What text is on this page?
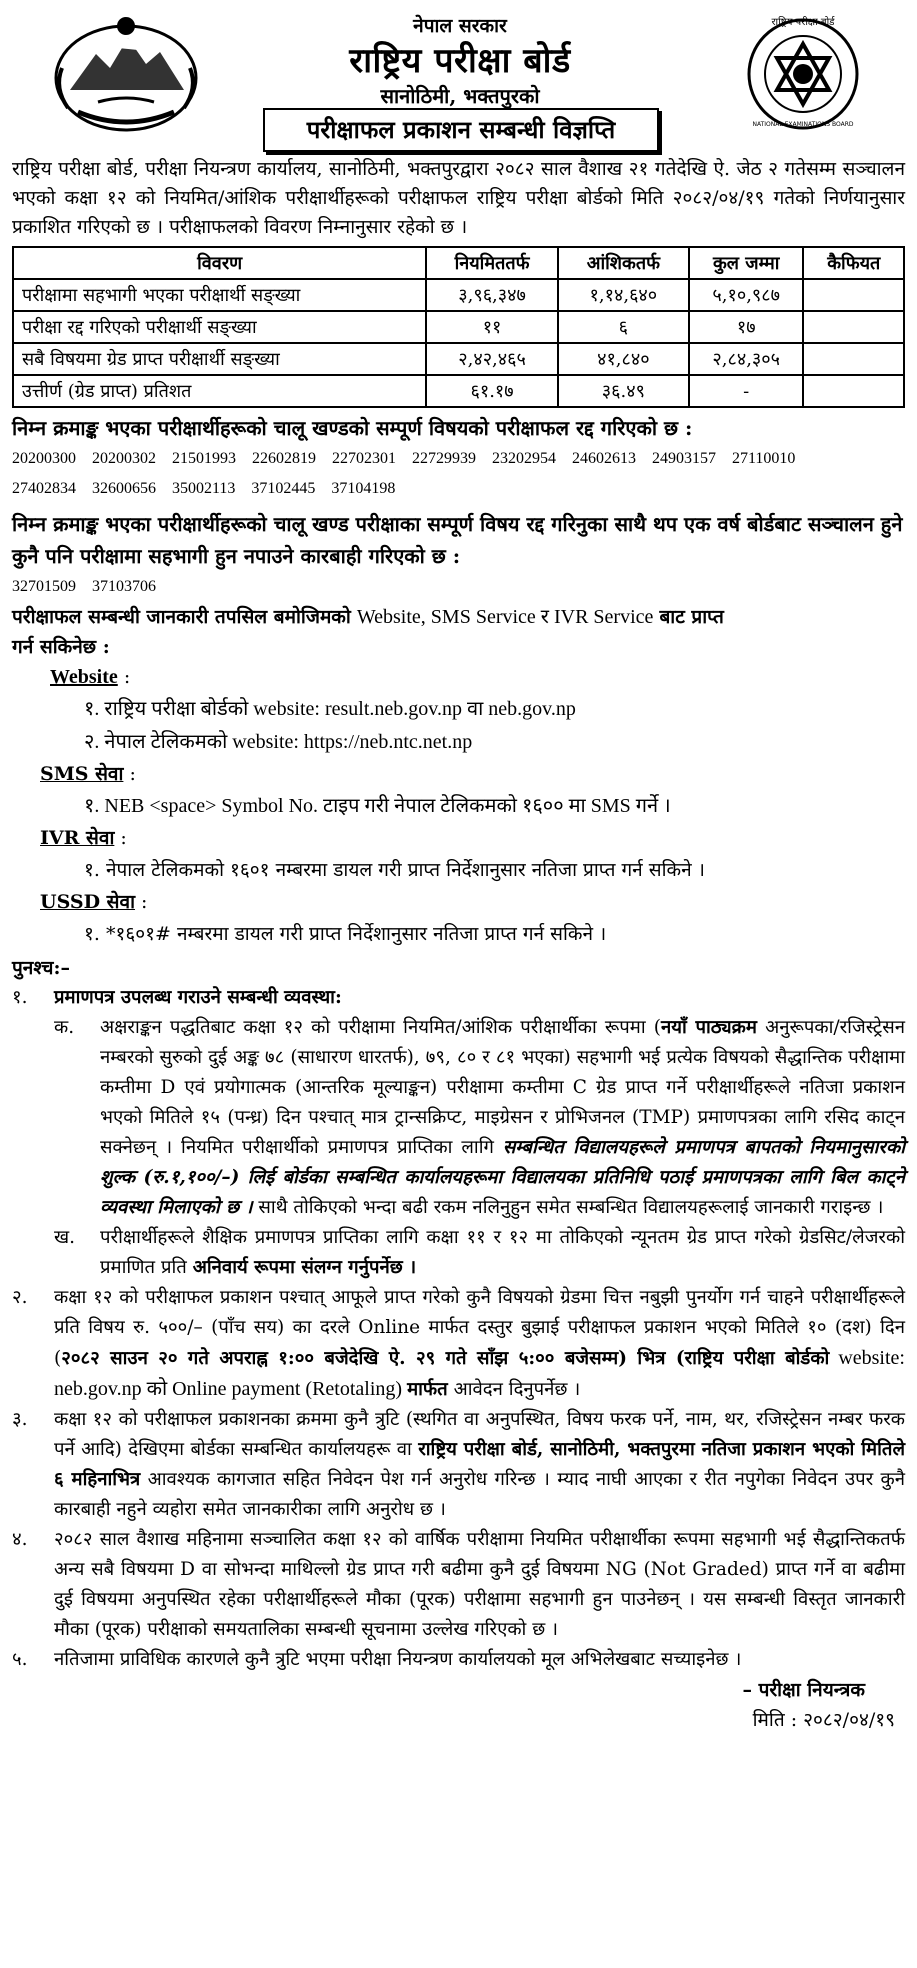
नेपाल सरकार
राष्ट्रिय परीक्षा बोर्ड
सानोठिमी, भक्तपुरको
परीक्षाफल प्रकाशन सम्बन्धी विज्ञप्ति
राष्ट्रिय परीक्षा बोर्ड
NATIONAL EXAMINATIONS BOARD

राष्ट्रिय परीक्षा बोर्ड, परीक्षा नियन्त्रण कार्यालय, सानोठिमी, भक्तपुरद्वारा २०८२ साल वैशाख २१ गतेदेखि ऐ. जेठ २ गतेसम्म सञ्चालन भएको कक्षा १२ को नियमित/आंशिक परीक्षार्थीहरूको परीक्षाफल राष्ट्रिय परीक्षा बोर्डको मिति २०८२/०४/१९ गतेको निर्णयानुसार प्रकाशित गरिएको छ । परीक्षाफलको विवरण निम्नानुसार रहेको छ ।

विवरण	नियमिततर्फ	आंशिकतर्फ	कुल जम्मा	कैफियत
परीक्षामा सहभागी भएका परीक्षार्थी सङ्ख्या	३,९६,३४७	१,१४,६४०	५,१०,९८७	
परीक्षा रद्द गरिएको परीक्षार्थी सङ्ख्या	११	६	१७	
सबै विषयमा ग्रेड प्राप्त परीक्षार्थी सङ्ख्या	२,४२,४६५	४१,८४०	२,८४,३०५	
उत्तीर्ण (ग्रेड प्राप्त) प्रतिशत	६१.१७	३६.४९	-	
निम्न क्रमाङ्क भएका परीक्षार्थीहरूको चालू खण्डको सम्पूर्ण विषयको परीक्षाफल रद्द गरिएको छ :
20200300 20200302 21501993 22602819 22702301 22729939 23202954 24602613 24903157 27110010
27402834 32600656 35002113 37102445 37104198
निम्न क्रमाङ्क भएका परीक्षार्थीहरूको चालू खण्ड परीक्षाका सम्पूर्ण विषय रद्द गरिनुका साथै थप एक वर्ष बोर्डबाट सञ्चालन हुने कुनै पनि परीक्षामा सहभागी हुन नपाउने कारबाही गरिएको छ :
32701509 37103706
परीक्षाफल सम्बन्धी जानकारी तपसिल बमोजिमको Website, SMS Service र IVR Service बाट प्राप्त
गर्न सकिनेछ :
Website :
१. राष्ट्रिय परीक्षा बोर्डको website: result.neb.gov.np वा neb.gov.np
२. नेपाल टेलिकमको website: https://neb.ntc.net.np
SMS सेवा :
१. NEB <space> Symbol No. टाइप गरी नेपाल टेलिकमको १६०० मा SMS गर्ने ।
IVR सेवा :
१. नेपाल टेलिकमको १६०१ नम्बरमा डायल गरी प्राप्त निर्देशानुसार नतिजा प्राप्त गर्न सकिने ।
USSD सेवा :
१. *१६०१# नम्बरमा डायल गरी प्राप्त निर्देशानुसार नतिजा प्राप्त गर्न सकिने ।
पुनश्च:–
१. प्रमाणपत्र उपलब्ध गराउने सम्बन्धी व्यवस्था:
क. अक्षराङ्कन पद्धतिबाट कक्षा १२ को परीक्षामा नियमित/आंशिक परीक्षार्थीका रूपमा (नयाँ पाठ्यक्रम अनुरूपका/रजिस्ट्रेसन नम्बरको सुरुको दुई अङ्क ७८ (साधारण धारतर्फ), ७९, ८० र ८१ भएका) सहभागी भई प्रत्येक विषयको सैद्धान्तिक परीक्षामा कम्तीमा D एवं प्रयोगात्मक (आन्तरिक मूल्याङ्कन) परीक्षामा कम्तीमा C ग्रेड प्राप्त गर्ने परीक्षार्थीहरूले नतिजा प्रकाशन भएको मितिले १५ (पन्ध्र) दिन पश्चात् मात्र ट्रान्सक्रिप्ट, माइग्रेसन र प्रोभिजनल (TMP) प्रमाणपत्रका लागि रसिद काट्न सक्नेछन् । नियमित परीक्षार्थीको प्रमाणपत्र प्राप्तिका लागि सम्बन्धित विद्यालयहरूले प्रमाणपत्र बापतको नियमानुसारको शुल्क (रु.१,१००/–) लिई बोर्डका सम्बन्धित कार्यालयहरूमा विद्यालयका प्रतिनिधि पठाई प्रमाणपत्रका लागि बिल काट्ने व्यवस्था मिलाएको छ । साथै तोकिएको भन्दा बढी रकम नलिनुहुन समेत सम्बन्धित विद्यालयहरूलाई जानकारी गराइन्छ ।
ख. परीक्षार्थीहरूले शैक्षिक प्रमाणपत्र प्राप्तिका लागि कक्षा ११ र १२ मा तोकिएको न्यूनतम ग्रेड प्राप्त गरेको ग्रेडसिट/लेजरको प्रमाणित प्रति अनिवार्य रूपमा संलग्न गर्नुपर्नेछ ।
२. कक्षा १२ को परीक्षाफल प्रकाशन पश्चात् आफूले प्राप्त गरेको कुनै विषयको ग्रेडमा चित्त नबुझी पुनर्योग गर्न चाहने परीक्षार्थीहरूले प्रति विषय रु. ५००/– (पाँच सय) का दरले Online मार्फत दस्तुर बुझाई परीक्षाफल प्रकाशन भएको मितिले १० (दश) दिन (२०८२ साउन २० गते अपराह्न १:०० बजेदेखि ऐ. २९ गते साँझ ५:०० बजेसम्म) भित्र (राष्ट्रिय परीक्षा बोर्डको website: neb.gov.np को Online payment (Retotaling) मार्फत आवेदन दिनुपर्नेछ ।
३. कक्षा १२ को परीक्षाफल प्रकाशनका क्रममा कुनै त्रुटि (स्थगित वा अनुपस्थित, विषय फरक पर्ने, नाम, थर, रजिस्ट्रेसन नम्बर फरक पर्ने आदि) देखिएमा बोर्डका सम्बन्धित कार्यालयहरू वा राष्ट्रिय परीक्षा बोर्ड, सानोठिमी, भक्तपुरमा नतिजा प्रकाशन भएको मितिले ६ महिनाभित्र आवश्यक कागजात सहित निवेदन पेश गर्न अनुरोध गरिन्छ । म्याद नाघी आएका र रीत नपुगेका निवेदन उपर कुनै कारबाही नहुने व्यहोरा समेत जानकारीका लागि अनुरोध छ ।
४. २०८२ साल वैशाख महिनामा सञ्चालित कक्षा १२ को वार्षिक परीक्षामा नियमित परीक्षार्थीका रूपमा सहभागी भई सैद्धान्तिकतर्फ अन्य सबै विषयमा D वा सोभन्दा माथिल्लो ग्रेड प्राप्त गरी बढीमा कुनै दुई विषयमा NG (Not Graded) प्राप्त गर्ने वा बढीमा दुई विषयमा अनुपस्थित रहेका परीक्षार्थीहरूले मौका (पूरक) परीक्षामा सहभागी हुन पाउनेछन् । यस सम्बन्धी विस्तृत जानकारी मौका (पूरक) परीक्षाको समयतालिका सम्बन्धी सूचनामा उल्लेख गरिएको छ ।
५. नतिजामा प्राविधिक कारणले कुनै त्रुटि भएमा परीक्षा नियन्त्रण कार्यालयको मूल अभिलेखबाट सच्याइनेछ ।
– परीक्षा नियन्त्रक
मिति : २०८२/०४/१९
